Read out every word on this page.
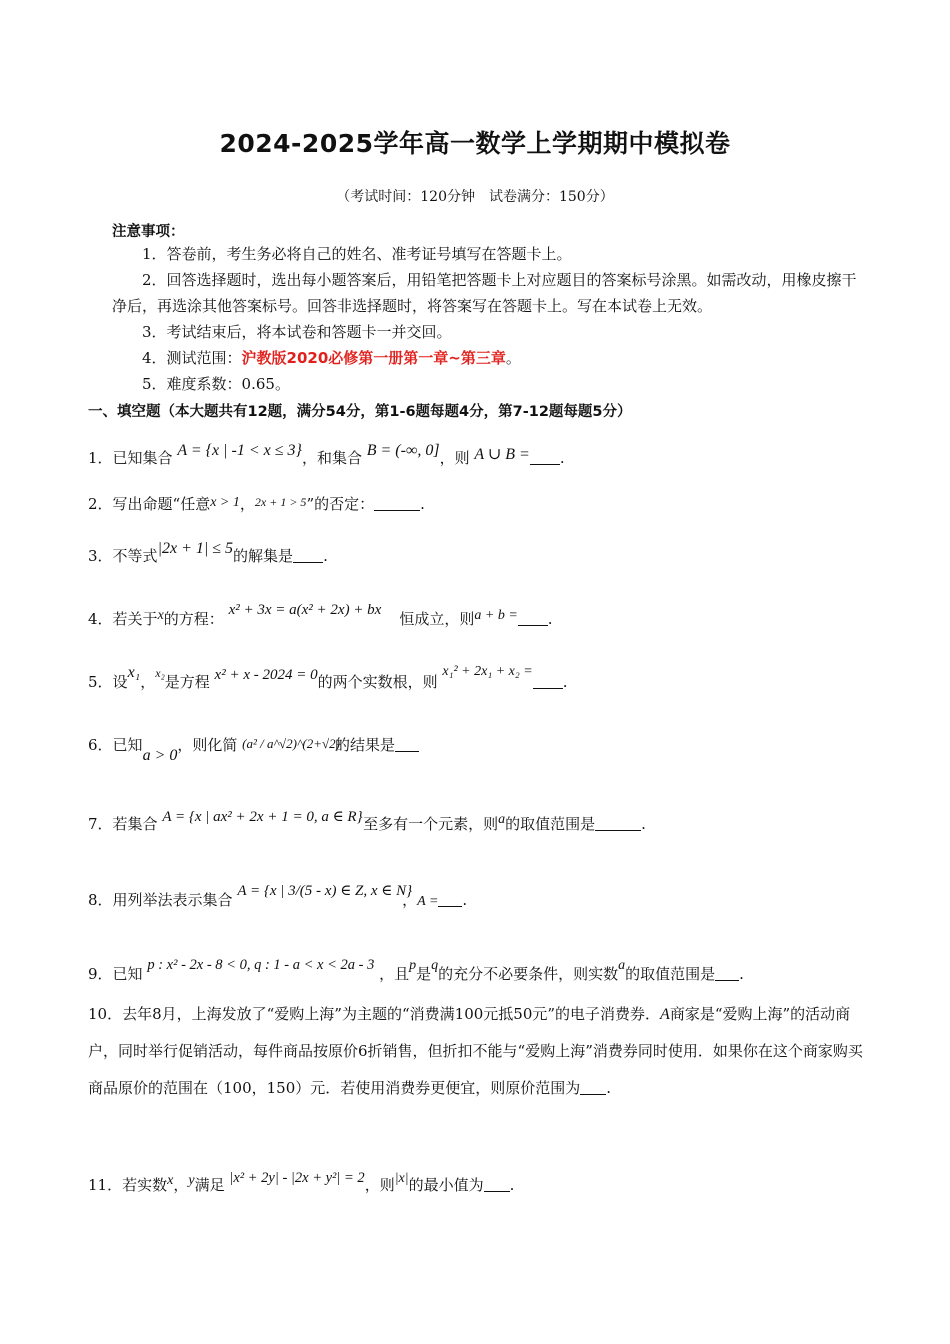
2024-2025学年高一数学上学期期中模拟卷
（考试时间：120分钟　试卷满分：150分）
注意事项：
1．答卷前，考生务必将自己的姓名、准考证号填写在答题卡上。
2．回答选择题时，选出每小题答案后，用铅笔把答题卡上对应题目的答案标号涂黑。如需改动，用橡皮擦干净后，再选涂其他答案标号。回答非选择题时，将答案写在答题卡上。写在本试卷上无效。
3．考试结束后，将本试卷和答题卡一并交回。
4．测试范围：沪教版2020必修第一册第一章~第三章。
5．难度系数：0.65。
一、填空题（本大题共有12题，满分54分，第1-6题每题4分，第7-12题每题5分）
1．已知集合 A = {x | -1 < x ≤ 3}，和集合 B = (-∞, 0]，则 A ∪ B = .
2．写出命题“任意x > 1，$^{2x + 1 > 5}$”的否定：	.
3．不等式|2x + 1| ≤ 5的解集是 .
4．若关于x的方程： x² + 3x = a(x² + 2x) + bx 恒成立，则a + b = .
5．设x₁，$^{x_2}$是方程 x² + x - 2024 = 0的两个实数根，则 x₁² + 2x₁ + x₂ =.
6．已知a > 0，则化简 (a² / a^√2)^(2+√2) 的结果是
7．若集合 A = {x | ax² + 2x + 1 = 0, a ∈ R} 至多有一个元素，则a的取值范围是	.
8．用列举法表示集合 A = {x | 3/(5 - x) ∈ Z, x ∈ N} ，A = .
9．已知 p : x² - 2x - 8 < 0, q : 1 - a < x < 2a - 3 ，且p是q的充分不必要条件，则实数a的取值范围是 .
10．去年8月，上海发放了“爱购上海”为主题的“消费满100元抵50元”的电子消费券．A商家是“爱购上海”的活动商户，同时举行促销活动，每件商品按原价6折销售，但折扣不能与“爱购上海”消费券同时使用．如果你在这个商家购买商品原价的范围在（100，150）元．若使用消费券更便宜，则原价范围为 .
11．若实数x，y满足 |x² + 2y| - |2x + y²| = 2，则|x|的最小值为 .
